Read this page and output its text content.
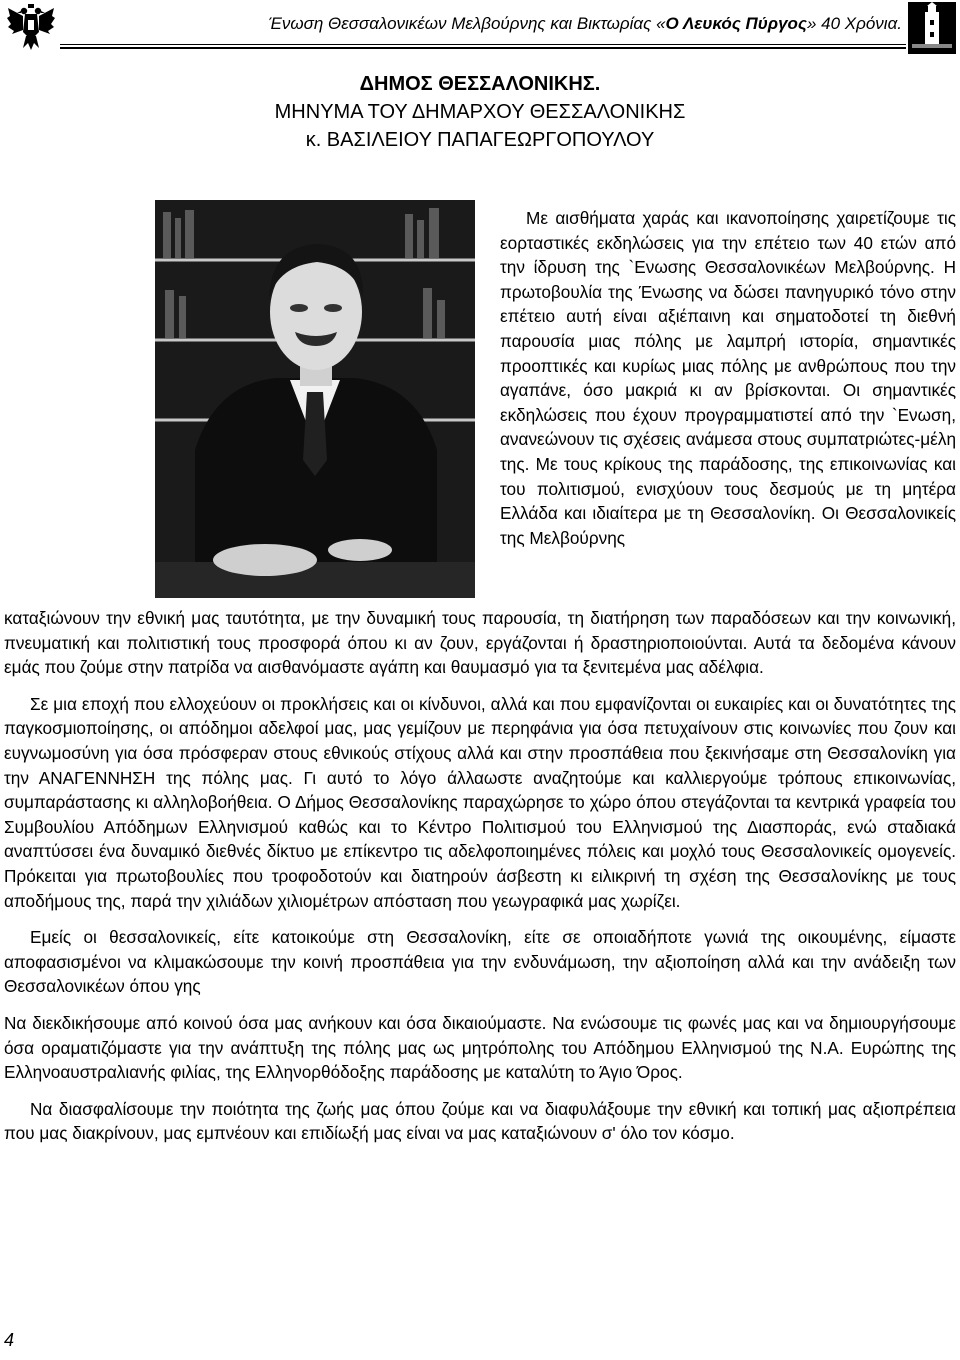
Ένωση Θεσσαλονικέων Μελβούρνης και Βικτωρίας «Ο Λευκός Πύργος» 40 Χρόνια.
ΔΗΜΟΣ ΘΕΣΣΑΛΟΝΙΚΗΣ.
ΜΗΝΥΜΑ ΤΟΥ ΔΗΜΑΡΧΟΥ ΘΕΣΣΑΛΟΝΙΚΗΣ
κ. ΒΑΣΙΛΕΙΟΥ ΠΑΠΑΓΕΩΡΓΟΠΟΥΛΟΥ

Με αισθήματα χαράς και ικανοποίησης χαιρετίζουμε τις εορταστικές εκδηλώσεις για την επέτειο των 40 ετών από την ίδρυση της `Ενωσης Θεσσαλονικέων Μελβούρνης. Η πρωτοβουλία της Ένωσης να δώσει πανηγυρικό τόνο στην επέτειο αυτή είναι αξιέπαινη και σηματοδοτεί τη διεθνή παρουσία μιας πόλης με λαμπρή ιστορία, σημαντικές προοπτικές και κυρίως μιας πόλης με ανθρώπους που την αγαπάνε, όσο μακριά κι αν βρίσκονται. Οι σημαντικές εκδηλώσεις που έχουν προγραμματιστεί από την `Ενωση, ανανεώνουν τις σχέσεις ανάμεσα στους συμπατριώτες-μέλη της. Με τους κρίκους της παράδοσης, της επικοινωνίας και του πολιτισμού, ενισχύουν τους δεσμούς με τη μητέρα Ελλάδα και ιδιαίτερα με τη Θεσσαλονίκη. Οι Θεσσαλονικείς της Μελβούρνης

καταξιώνουν την εθνική μας ταυτότητα, με την δυναμική τους παρουσία, τη διατήρηση των παραδόσεων και την κοινωνική, πνευματική και πολιτιστική τους προσφορά όπου κι αν ζουν, εργάζονται ή δραστηριοποιούνται. Αυτά τα δεδομένα κάνουν εμάς που ζούμε στην πατρίδα να αισθανόμαστε αγάπη και θαυμασμό για τα ξενιτεμένα μας αδέλφια.

Σε μια εποχή που ελλοχεύουν οι προκλήσεις και οι κίνδυνοι, αλλά και που εμφανίζονται οι ευκαιρίες και οι δυνατότητες της παγκοσμιοποίησης, οι απόδημοι αδελφοί μας, μας γεμίζουν με περηφάνια για όσα πετυχαίνουν στις κοινωνίες που ζουν και ευγνωμοσύνη για όσα πρόσφεραν στους εθνικούς στίχους αλλά και στην προσπάθεια που ξεκινήσαμε στη Θεσσαλονίκη για την ΑΝΑΓΕΝΝΗΣΗ της πόλης μας. Γι αυτό το λόγο άλλαωστε αναζητούμε και καλλιεργούμε τρόπους επικοινωνίας, συμπαράστασης κι αλληλοβοήθεια. Ο Δήμος Θεσσαλονίκης παραχώρησε το χώρο όπου στεγάζονται τα κεντρικά γραφεία του Συμβουλίου Απόδημων Ελληνισμού καθώς και το Κέντρο Πολιτισμού του Ελληνισμού της Διασποράς, ενώ σταδιακά αναπτύσσει ένα δυναμικό διεθνές δίκτυο με επίκεντρο τις αδελφοποιημένες πόλεις και μοχλό τους Θεσσαλονικείς ομογενείς. Πρόκειται για πρωτοβουλίες που τροφοδοτούν και διατηρούν άσβεστη κι ειλικρινή τη σχέση της Θεσσαλονίκης με τους αποδήμους της, παρά την χιλιάδων χιλιομέτρων απόσταση που γεωγραφικά μας χωρίζει.

Εμείς οι θεσσαλονικείς, είτε κατοικούμε στη Θεσσαλονίκη, είτε σε οποιαδήποτε γωνιά της οικουμένης, είμαστε αποφασισμένοι να κλιμακώσουμε την κοινή προσπάθεια για την ενδυνάμωση, την αξιοποίηση αλλά και την ανάδειξη των Θεσσαλονικέων όπου γης

Να διεκδικήσουμε από κοινού όσα μας ανήκουν και όσα δικαιούμαστε. Να ενώσουμε τις φωνές μας και να δημιουργήσουμε όσα οραματιζόμαστε για την ανάπτυξη της πόλης μας ως μητρόπολης του Απόδημου Ελληνισμού της Ν.Α. Ευρώπης της Ελληνοαυστραλιανής φιλίας, της Ελληνορθόδοξης παράδοσης με καταλύτη το Άγιο Όρος.

Να διασφαλίσουμε την ποιότητα της ζωής μας όπου ζούμε και να διαφυλάξουμε την εθνική και τοπική μας αξιοπρέπεια που μας διακρίνουν, μας εμπνέουν και επιδίωξή μας είναι να μας καταξιώνουν σ' όλο τον κόσμο.

4
